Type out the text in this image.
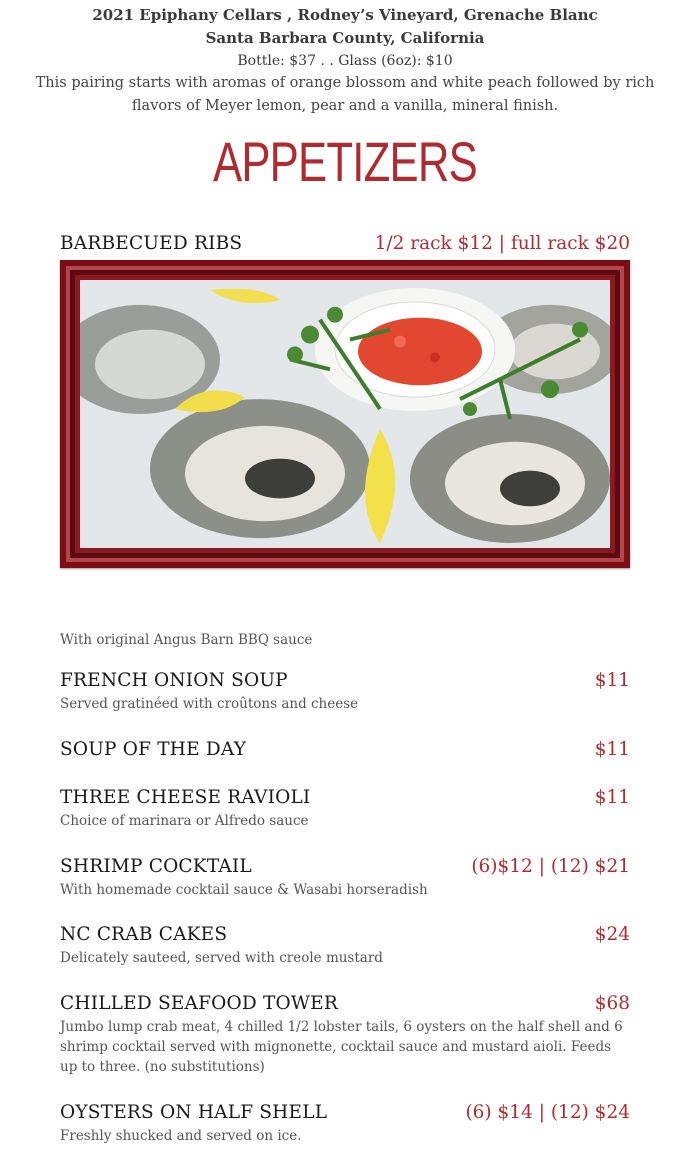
2021 Epiphany Cellars , Rodney’s Vineyard, Grenache Blanc
Santa Barbara County, California
Bottle: $37 . . Glass (6oz): $10
This pairing starts with aromas of orange blossom and white peach followed by rich flavors of Meyer lemon, pear and a vanilla, mineral finish.
APPETIZERS
BARBECUED RIBS	1/2 rack $12 | full rack $20
With original Angus Barn BBQ sauce
FRENCH ONION SOUP	$11
Served gratinéed with croûtons and cheese
SOUP OF THE DAY	$11
THREE CHEESE RAVIOLI	$11
Choice of marinara or Alfredo sauce
SHRIMP COCKTAIL	(6)$12 | (12) $21
With homemade cocktail sauce & Wasabi horseradish
NC CRAB CAKES	$24
Delicately sauteed, served with creole mustard
CHILLED SEAFOOD TOWER	$68
Jumbo lump crab meat, 4 chilled 1/2 lobster tails, 6 oysters on the half shell and 6 shrimp cocktail served with mignonette, cocktail sauce and mustard aioli. Feeds up to three. (no substitutions)
OYSTERS ON HALF SHELL	(6) $14 | (12) $24
Freshly shucked and served on ice.
